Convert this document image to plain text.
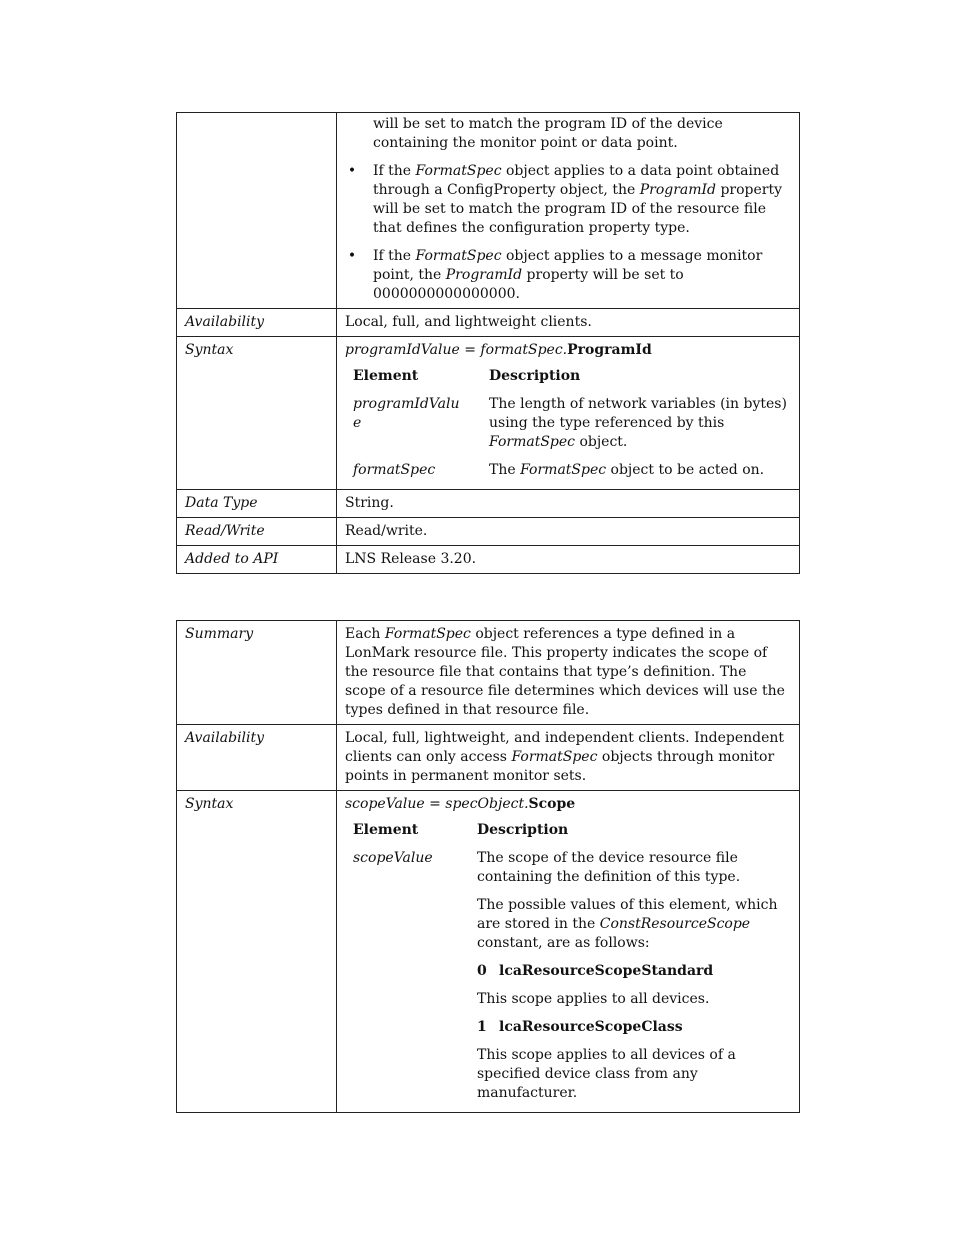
will be set to match the program ID of the device containing the monitor point or data point.

• If the FormatSpec object applies to a data point obtained through a ConfigProperty object, the ProgramId property will be set to match the program ID of the resource file that defines the configuration property type.
• If the FormatSpec object applies to a message monitor point, the ProgramId property will be set to 0000000000000000.

Availability	Local, full, and lightweight clients.
Syntax	programIdValue = formatSpec.ProgramId

Element	Description
programIdValu e	The length of network variables (in bytes) using the type referenced by this FormatSpec object.
formatSpec	The FormatSpec object to be acted on.

Data Type	String.
Read/Write	Read/write.
Added to API	LNS Release 3.20.
Summary	Each FormatSpec object references a type defined in a LonMark resource file. This property indicates the scope of the resource file that contains that type’s definition. The scope of a resource file determines which devices will use the types defined in that resource file.
Availability	Local, full, lightweight, and independent clients. Independent clients can only access FormatSpec objects through monitor points in permanent monitor sets.
Syntax	scopeValue = specObject.Scope

Element	Description
scopeValue	The scope of the device resource file containing the definition of this type.

The possible values of this element, which are stored in the ConstResourceScope constant, are as follows:

0 lcaResourceScopeStandard

This scope applies to all devices.

1 lcaResourceScopeClass

This scope applies to all devices of a specified device class from any manufacturer.
